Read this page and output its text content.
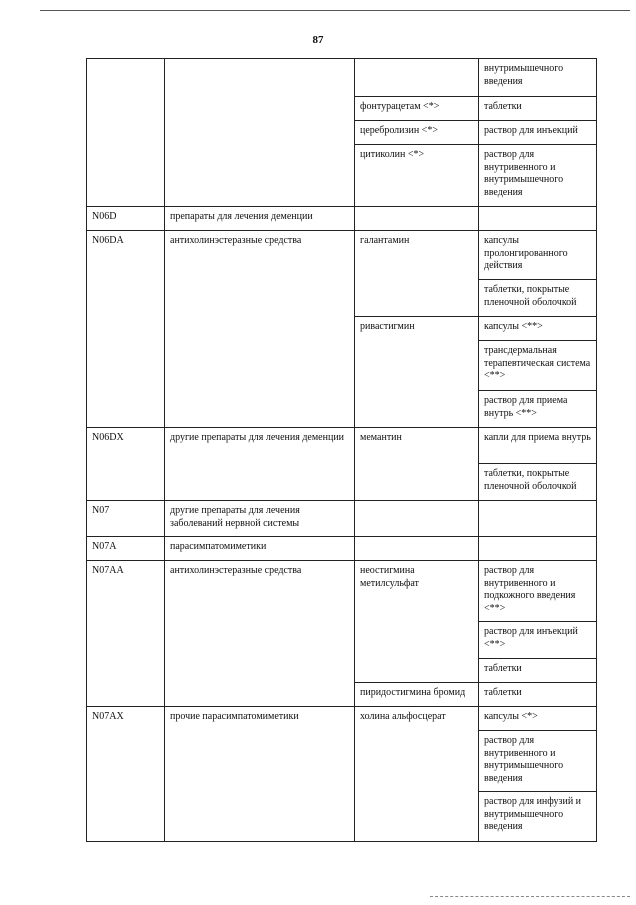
87
			внутримышечного введения
		фонтурацетам <*>	таблетки
		церебролизин <*>	раствор для инъекций
		цитиколин <*>	раствор для внутривенного и внутримышечного введения
N06D	препараты для лечения деменции		
N06DA	антихолинэстеразные средства	галантамин	капсулы пролонгированного действия
			таблетки, покрытые пленочной оболочкой
		ривастигмин	капсулы <**>
			трансдермальная терапевтическая система <**>
			раствор для приема внутрь <**>
N06DX	другие препараты для лечения деменции	мемантин	капли для приема внутрь
			таблетки, покрытые пленочной оболочкой
N07	другие препараты для лечения заболеваний нервной системы		
N07A	парасимпатомиметики		
N07AA	антихолинэстеразные средства	неостигмина метилсульфат	раствор для внутривенного и подкожного введения <**>
			раствор для инъекций <**>
			таблетки
		пиридостигмина бромид	таблетки
N07AX	прочие парасимпатомиметики	холина альфосцерат	капсулы <*>
			раствор для внутривенного и внутримышечного введения
			раствор для инфузий и внутримышечного введения
